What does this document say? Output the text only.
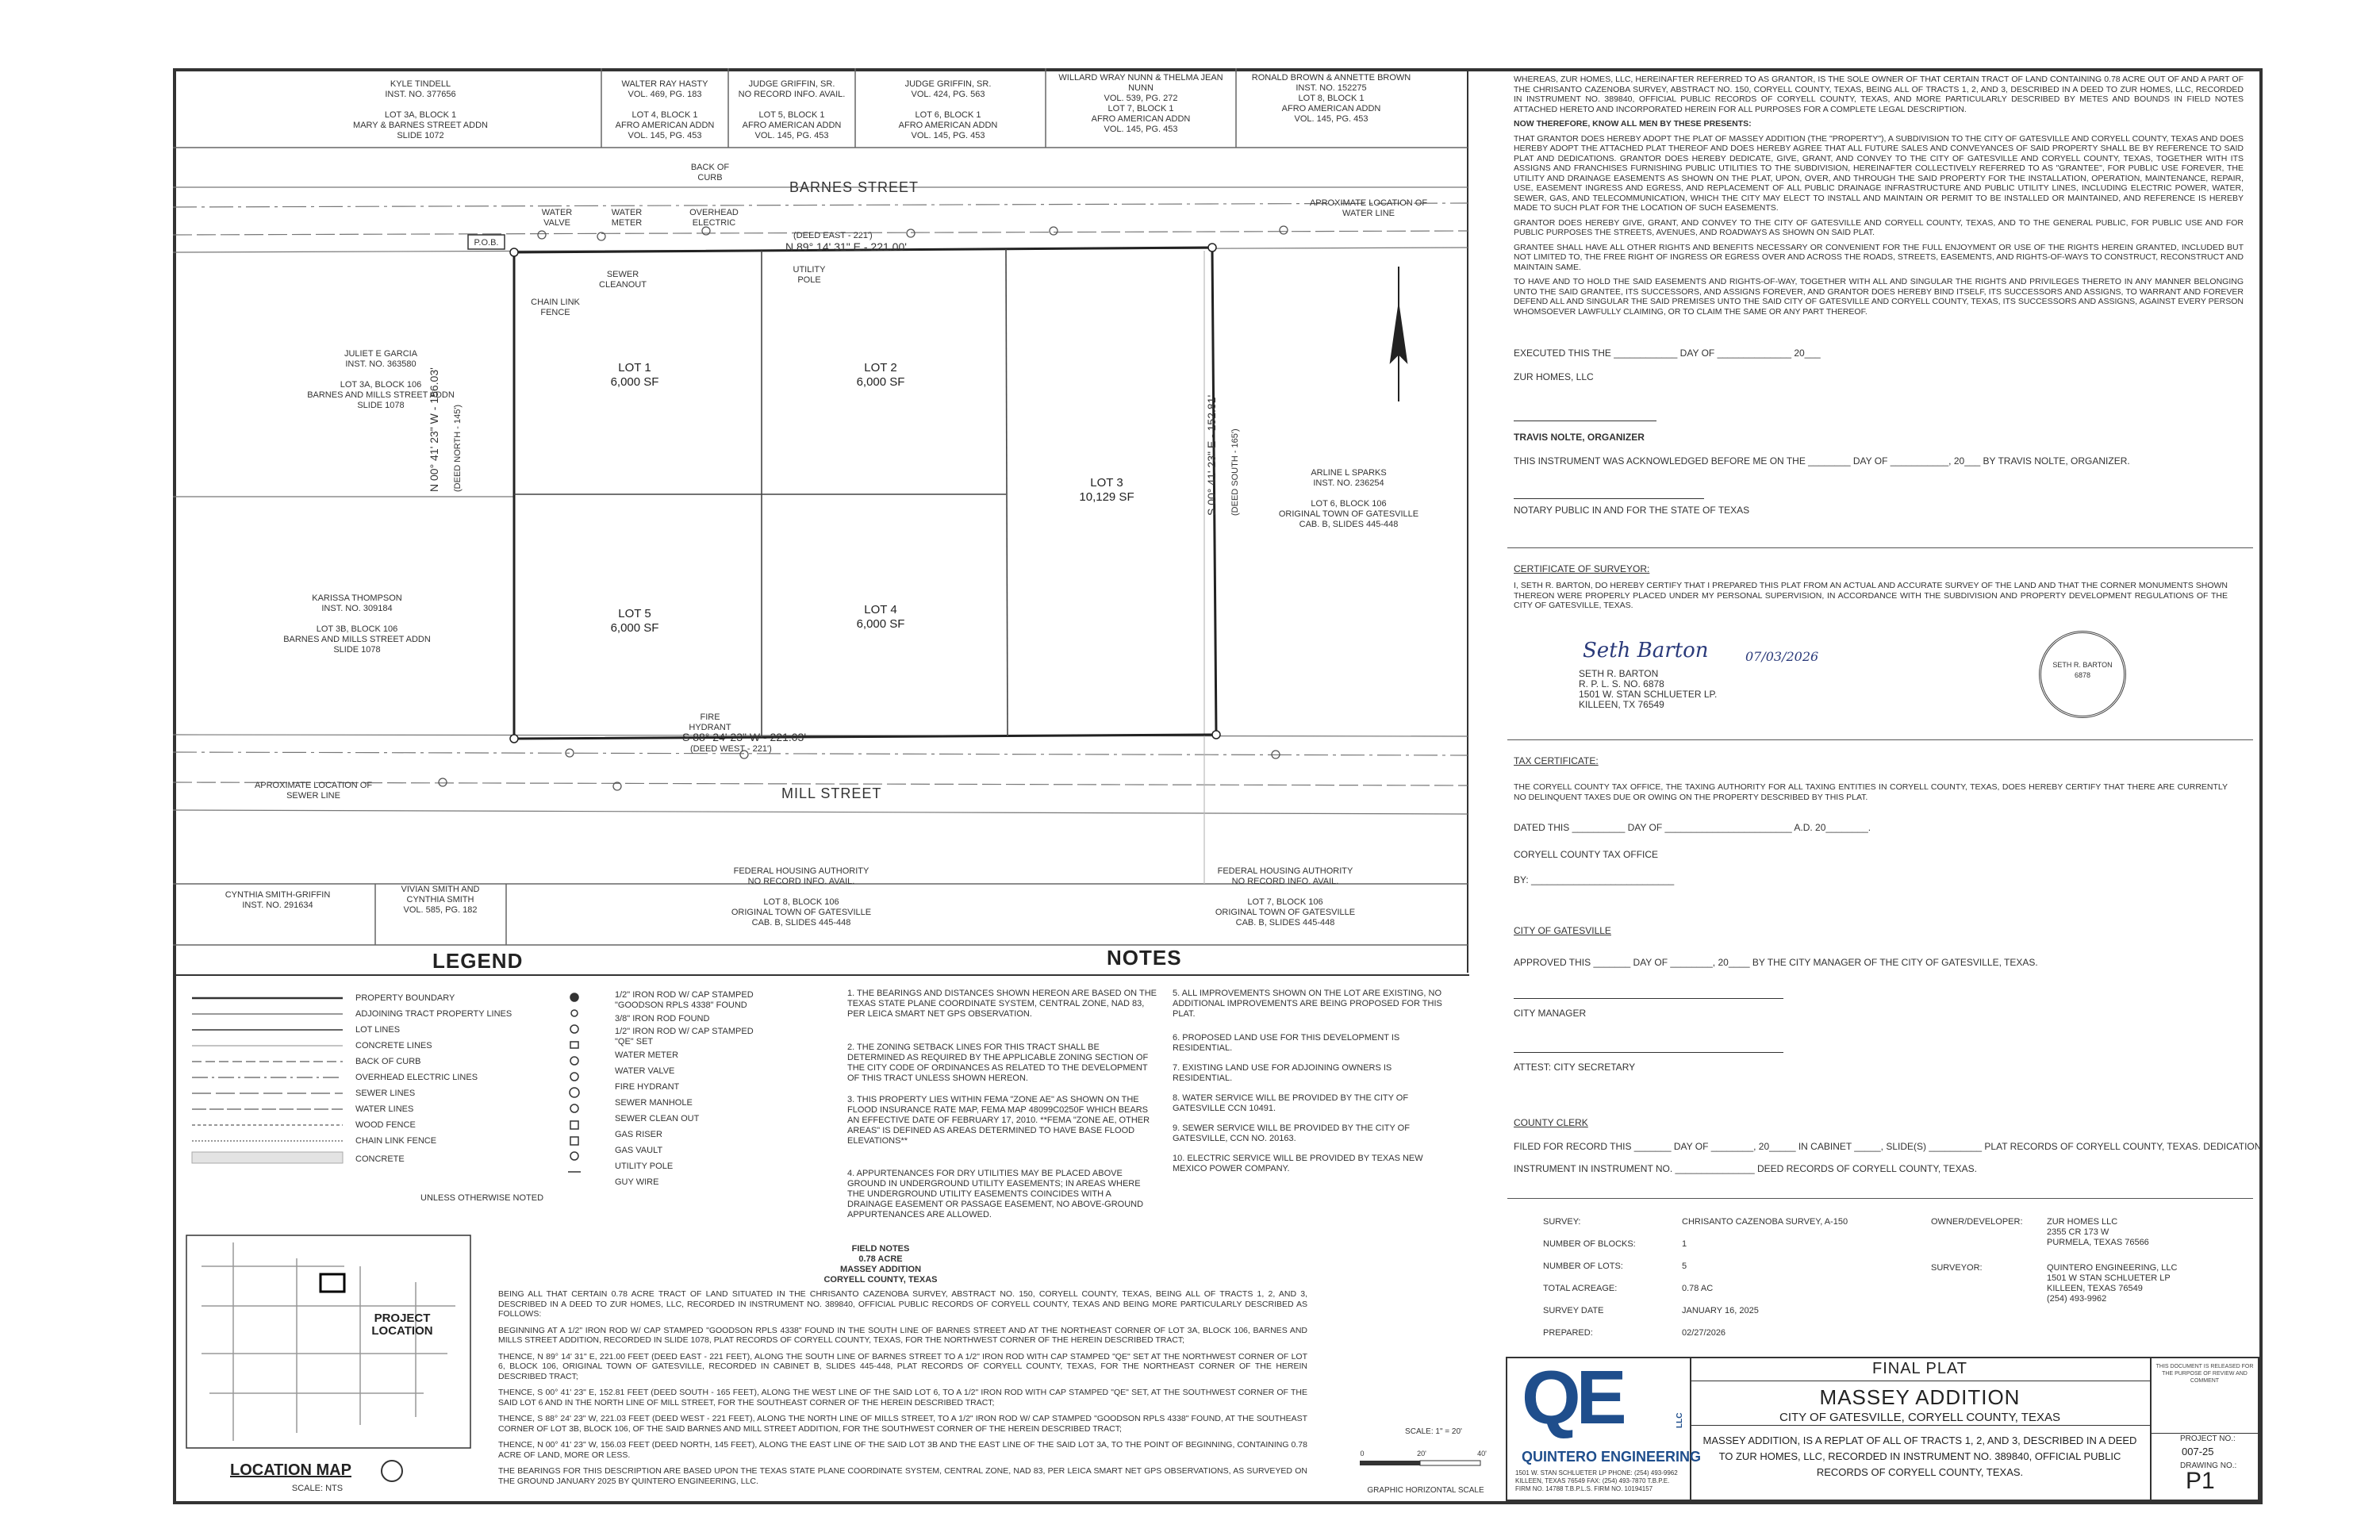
P.O.B.
KYLE TINDELL
INST. NO. 377656

LOT 3A, BLOCK 1
MARY & BARNES STREET ADDN
SLIDE 1072
WALTER RAY HASTY
VOL. 469, PG. 183

LOT 4, BLOCK 1
AFRO AMERICAN ADDN
VOL. 145, PG. 453
JUDGE GRIFFIN, SR.
NO RECORD INFO. AVAIL.

LOT 5, BLOCK 1
AFRO AMERICAN ADDN
VOL. 145, PG. 453
JUDGE GRIFFIN, SR.
VOL. 424, PG. 563

LOT 6, BLOCK 1
AFRO AMERICAN ADDN
VOL. 145, PG. 453
WILLARD WRAY NUNN & THELMA JEAN NUNN
VOL. 539, PG. 272
LOT 7, BLOCK 1
AFRO AMERICAN ADDN
VOL. 145, PG. 453
RONALD BROWN & ANNETTE BROWN
INST. NO. 152275
LOT 8, BLOCK 1
AFRO AMERICAN ADDN
VOL. 145, PG. 453
JULIET E GARCIA
INST. NO. 363580

LOT 3A, BLOCK 106
BARNES AND MILLS STREET ADDN
SLIDE 1078
KARISSA THOMPSON
INST. NO. 309184

LOT 3B, BLOCK 106
BARNES AND MILLS STREET ADDN
SLIDE 1078
ARLINE L SPARKS
INST. NO. 236254

LOT 6, BLOCK 106
ORIGINAL TOWN OF GATESVILLE
CAB. B, SLIDES 445-448
CYNTHIA SMITH-GRIFFIN
INST. NO. 291634
VIVIAN SMITH AND CYNTHIA SMITH
VOL. 585, PG. 182
FEDERAL HOUSING AUTHORITY
NO RECORD INFO. AVAIL.

LOT 8, BLOCK 106
ORIGINAL TOWN OF GATESVILLE
CAB. B, SLIDES 445-448
FEDERAL HOUSING AUTHORITY
NO RECORD INFO. AVAIL.

LOT 7, BLOCK 106
ORIGINAL TOWN OF GATESVILLE
CAB. B, SLIDES 445-448
BARNES STREET
MILL STREET
(DEED EAST - 221')
N 89° 14' 31" E - 221.00'
S 88° 24' 23" W - 221.03'
(DEED WEST - 221')
N 00° 41' 23" W - 156.03' (DEED NORTH - 145')	S 00° 41' 23" E - 152.81' (DEED SOUTH - 165')
WATER VALVE
WATER METER
OVERHEAD ELECTRIC
BACK OF CURB
SEWER CLEANOUT
UTILITY POLE
CHAIN LINK FENCE
FIRE HYDRANT
APROXIMATE LOCATION OF WATER LINE
APROXIMATE LOCATION OF SEWER LINE
LOT 1
6,000 SF
LOT 2
6,000 SF
LOT 3
10,129 SF
LOT 4
6,000 SF
LOT 5
6,000 SF
LEGEND	NOTES
PROPERTY BOUNDARY
ADJOINING TRACT PROPERTY LINES
LOT LINES
CONCRETE LINES
BACK OF CURB
OVERHEAD ELECTRIC LINES
SEWER LINES
WATER LINES
WOOD FENCE
CHAIN LINK FENCE
CONCRETE
1/2" IRON ROD W/ CAP STAMPED "GOODSON RPLS 4338" FOUND
3/8" IRON ROD FOUND
1/2" IRON ROD W/ CAP STAMPED "QE" SET
WATER METER
WATER VALVE
FIRE HYDRANT
SEWER MANHOLE
SEWER CLEAN OUT
GAS RISER
GAS VAULT
UTILITY POLE
GUY WIRE
UNLESS OTHERWISE NOTED
1. THE BEARINGS AND DISTANCES SHOWN HEREON ARE BASED ON THE TEXAS STATE PLANE COORDINATE SYSTEM, CENTRAL ZONE, NAD 83, PER LEICA SMART NET GPS OBSERVATION.
2. THE ZONING SETBACK LINES FOR THIS TRACT SHALL BE DETERMINED AS REQUIRED BY THE APPLICABLE ZONING SECTION OF THE CITY CODE OF ORDINANCES AS RELATED TO THE DEVELOPMENT OF THIS TRACT UNLESS SHOWN HEREON.
3. THIS PROPERTY LIES WITHIN FEMA "ZONE AE" AS SHOWN ON THE FLOOD INSURANCE RATE MAP, FEMA MAP 48099C0250F WHICH BEARS AN EFFECTIVE DATE OF FEBRUARY 17, 2010. **FEMA "ZONE AE, OTHER AREAS" IS DEFINED AS AREAS DETERMINED TO HAVE BASE FLOOD ELEVATIONS**
4. APPURTENANCES FOR DRY UTILITIES MAY BE PLACED ABOVE GROUND IN UNDERGROUND UTILITY EASEMENTS; IN AREAS WHERE THE UNDERGROUND UTILITY EASEMENTS COINCIDES WITH A DRAINAGE EASEMENT OR PASSAGE EASEMENT, NO ABOVE-GROUND APPURTENANCES ARE ALLOWED.
5. ALL IMPROVEMENTS SHOWN ON THE LOT ARE EXISTING, NO ADDITIONAL IMPROVEMENTS ARE BEING PROPOSED FOR THIS PLAT.
6. PROPOSED LAND USE FOR THIS DEVELOPMENT IS RESIDENTIAL.
7. EXISTING LAND USE FOR ADJOINING OWNERS IS RESIDENTIAL.
8. WATER SERVICE WILL BE PROVIDED BY THE CITY OF GATESVILLE CCN 10491.
9. SEWER SERVICE WILL BE PROVIDED BY THE CITY OF GATESVILLE, CCN NO. 20163.
10. ELECTRIC SERVICE WILL BE PROVIDED BY TEXAS NEW MEXICO POWER COMPANY.
FIELD NOTES
0.78 ACRE
MASSEY ADDITION
CORYELL COUNTY, TEXAS

BEING ALL THAT CERTAIN 0.78 ACRE TRACT OF LAND SITUATED IN THE CHRISANTO CAZENOBA SURVEY, ABSTRACT NO. 150, CORYELL COUNTY, TEXAS, BEING ALL OF TRACTS 1, 2, AND 3, DESCRIBED IN A DEED TO ZUR HOMES, LLC, RECORDED IN INSTRUMENT NO. 389840, OFFICIAL PUBLIC RECORDS OF CORYELL COUNTY, TEXAS AND BEING MORE PARTICULARLY DESCRIBED AS FOLLOWS:

BEGINNING AT A 1/2" IRON ROD W/ CAP STAMPED "GOODSON RPLS 4338" FOUND IN THE SOUTH LINE OF BARNES STREET AND AT THE NORTHEAST CORNER OF LOT 3A, BLOCK 106, BARNES AND MILLS STREET ADDITION, RECORDED IN SLIDE 1078, PLAT RECORDS OF CORYELL COUNTY, TEXAS, FOR THE NORTHWEST CORNER OF THE HEREIN DESCRIBED TRACT;

THENCE, N 89° 14' 31" E, 221.00 FEET (DEED EAST - 221 FEET), ALONG THE SOUTH LINE OF BARNES STREET TO A 1/2" IRON ROD WITH CAP STAMPED "QE" SET AT THE NORTHWEST CORNER OF LOT 6, BLOCK 106, ORIGINAL TOWN OF GATESVILLE, RECORDED IN CABINET B, SLIDES 445-448, PLAT RECORDS OF CORYELL COUNTY, TEXAS, FOR THE NORTHEAST CORNER OF THE HEREIN DESCRIBED TRACT;

THENCE, S 00° 41' 23" E, 152.81 FEET (DEED SOUTH - 165 FEET), ALONG THE WEST LINE OF THE SAID LOT 6, TO A 1/2" IRON ROD WITH CAP STAMPED "QE" SET, AT THE SOUTHWEST CORNER OF THE SAID LOT 6 AND IN THE NORTH LINE OF MILL STREET, FOR THE SOUTHEAST CORNER OF THE HEREIN DESCRIBED TRACT;

THENCE, S 88° 24' 23" W, 221.03 FEET (DEED WEST - 221 FEET), ALONG THE NORTH LINE OF MILLS STREET, TO A 1/2" IRON ROD W/ CAP STAMPED "GOODSON RPLS 4338" FOUND, AT THE SOUTHEAST CORNER OF LOT 3B, BLOCK 106, OF THE SAID BARNES AND MILL STREET ADDITION, FOR THE SOUTHWEST CORNER OF THE HEREIN DESCRIBED TRACT;

THENCE, N 00° 41' 23" W, 156.03 FEET (DEED NORTH, 145 FEET), ALONG THE EAST LINE OF THE SAID LOT 3B AND THE EAST LINE OF THE SAID LOT 3A, TO THE POINT OF BEGINNING, CONTAINING 0.78 ACRE OF LAND, MORE OR LESS.

THE BEARINGS FOR THIS DESCRIPTION ARE BASED UPON THE TEXAS STATE PLANE COORDINATE SYSTEM, CENTRAL ZONE, NAD 83, PER LEICA SMART NET GPS OBSERVATIONS, AS SURVEYED ON THE GROUND JANUARY 2025 BY QUINTERO ENGINEERING, LLC.

PROJECT LOCATION
LOCATION MAP
SCALE: NTS
SCALE: 1" = 20'
0	20'	40'
GRAPHIC HORIZONTAL SCALE

WHEREAS, ZUR HOMES, LLC, HEREINAFTER REFERRED TO AS GRANTOR, IS THE SOLE OWNER OF THAT CERTAIN TRACT OF LAND CONTAINING 0.78 ACRE OUT OF AND A PART OF THE CHRISANTO CAZENOBA SURVEY, ABSTRACT NO. 150, CORYELL COUNTY, TEXAS, BEING ALL OF TRACTS 1, 2, AND 3, DESCRIBED IN A DEED TO ZUR HOMES, LLC, RECORDED IN INSTRUMENT NO. 389840, OFFICIAL PUBLIC RECORDS OF CORYELL COUNTY, TEXAS, AND MORE PARTICULARLY DESCRIBED BY METES AND BOUNDS IN FIELD NOTES ATTACHED HERETO AND INCORPORATED HEREIN FOR ALL PURPOSES FOR A COMPLETE LEGAL DESCRIPTION.

NOW THEREFORE, KNOW ALL MEN BY THESE PRESENTS:

THAT GRANTOR DOES HEREBY ADOPT THE PLAT OF MASSEY ADDITION (THE "PROPERTY"), A SUBDIVISION TO THE CITY OF GATESVILLE AND CORYELL COUNTY, TEXAS AND DOES HEREBY ADOPT THE ATTACHED PLAT THEREOF AND DOES HEREBY AGREE THAT ALL FUTURE SALES AND CONVEYANCES OF SAID PROPERTY SHALL BE BY REFERENCE TO SAID PLAT AND DEDICATIONS. GRANTOR DOES HEREBY DEDICATE, GIVE, GRANT, AND CONVEY TO THE CITY OF GATESVILLE AND CORYELL COUNTY, TEXAS, TOGETHER WITH ITS ASSIGNS AND FRANCHISES FURNISHING PUBLIC UTILITIES TO THE SUBDIVISION, HEREINAFTER COLLECTIVELY REFERRED TO AS "GRANTEE", FOR PUBLIC USE FOREVER, THE UTILITY AND DRAINAGE EASEMENTS AS SHOWN ON THE PLAT, UPON, OVER, AND THROUGH THE SAID PROPERTY FOR THE INSTALLATION, OPERATION, MAINTENANCE, REPAIR, USE, EASEMENT INGRESS AND EGRESS, AND REPLACEMENT OF ALL PUBLIC DRAINAGE INFRASTRUCTURE AND PUBLIC UTILITY LINES, INCLUDING ELECTRIC POWER, WATER, SEWER, GAS, AND TELECOMMUNICATION, WHICH THE CITY MAY ELECT TO INSTALL AND MAINTAIN OR PERMIT TO BE INSTALLED OR MAINTAINED, AND REFERENCE IS HEREBY MADE TO SUCH PLAT FOR THE LOCATION OF SUCH EASEMENTS.

GRANTOR DOES HEREBY GIVE, GRANT, AND CONVEY TO THE CITY OF GATESVILLE AND CORYELL COUNTY, TEXAS, AND TO THE GENERAL PUBLIC, FOR PUBLIC USE AND FOR PUBLIC PURPOSES THE STREETS, AVENUES, AND ROADWAYS AS SHOWN ON SAID PLAT.

GRANTEE SHALL HAVE ALL OTHER RIGHTS AND BENEFITS NECESSARY OR CONVENIENT FOR THE FULL ENJOYMENT OR USE OF THE RIGHTS HEREIN GRANTED, INCLUDED BUT NOT LIMITED TO, THE FREE RIGHT OF INGRESS OR EGRESS OVER AND ACROSS THE ROADS, STREETS, EASEMENTS, AND RIGHTS-OF-WAYS TO CONSTRUCT, RECONSTRUCT AND MAINTAIN SAME.

TO HAVE AND TO HOLD THE SAID EASEMENTS AND RIGHTS-OF-WAY, TOGETHER WITH ALL AND SINGULAR THE RIGHTS AND PRIVILEGES THERETO IN ANY MANNER BELONGING UNTO THE SAID GRANTEE, ITS SUCCESSORS, AND ASSIGNS FOREVER, AND GRANTOR DOES HEREBY BIND ITSELF, ITS SUCCESSORS AND ASSIGNS, TO WARRANT AND FOREVER DEFEND ALL AND SINGULAR THE SAID PREMISES UNTO THE SAID CITY OF GATESVILLE AND CORYELL COUNTY, TEXAS, ITS SUCCESSORS AND ASSIGNS, AGAINST EVERY PERSON WHOMSOEVER LAWFULLY CLAIMING, OR TO CLAIM THE SAME OR ANY PART THEREOF.

EXECUTED THIS THE ____________ DAY OF ______________ 20___
ZUR HOMES, LLC
TRAVIS NOLTE, ORGANIZER
THIS INSTRUMENT WAS ACKNOWLEDGED BEFORE ME ON THE ________ DAY OF ___________, 20___ BY TRAVIS NOLTE, ORGANIZER.
NOTARY PUBLIC IN AND FOR THE STATE OF TEXAS
CERTIFICATE OF SURVEYOR:
I, SETH R. BARTON, DO HEREBY CERTIFY THAT I PREPARED THIS PLAT FROM AN ACTUAL AND ACCURATE SURVEY OF THE LAND AND THAT THE CORNER MONUMENTS SHOWN THEREON WERE PROPERLY PLACED UNDER MY PERSONAL SUPERVISION, IN ACCORDANCE WITH THE SUBDIVISION AND PROPERTY DEVELOPMENT REGULATIONS OF THE CITY OF GATESVILLE, TEXAS.
Seth Barton	07/03/2026
SETH R. BARTON
R. P. L. S. NO. 6878
1501 W. STAN SCHLUETER LP.
KILLEEN, TX 76549
SETH R. BARTON
6878
TAX CERTIFICATE:
THE CORYELL COUNTY TAX OFFICE, THE TAXING AUTHORITY FOR ALL TAXING ENTITIES IN CORYELL COUNTY, TEXAS, DOES HEREBY CERTIFY THAT THERE ARE CURRENTLY NO DELINQUENT TAXES DUE OR OWING ON THE PROPERTY DESCRIBED BY THIS PLAT.
DATED THIS __________ DAY OF ________________________ A.D. 20________.
CORYELL COUNTY TAX OFFICE
BY: ___________________________
CITY OF GATESVILLE
APPROVED THIS _______ DAY OF ________, 20____ BY THE CITY MANAGER OF THE CITY OF GATESVILLE, TEXAS.
CITY MANAGER
ATTEST: CITY SECRETARY
COUNTY CLERK
FILED FOR RECORD THIS _______ DAY OF ________, 20_____ IN CABINET _____, SLIDE(S) __________ PLAT RECORDS OF CORYELL COUNTY, TEXAS. DEDICATION
INSTRUMENT IN INSTRUMENT NO. _______________ DEED RECORDS OF CORYELL COUNTY, TEXAS.
SURVEY:	CHRISANTO CAZENOBA SURVEY, A-150
NUMBER OF BLOCKS:	1
NUMBER OF LOTS:	5
TOTAL ACREAGE:	0.78 AC
SURVEY DATE	JANUARY 16, 2025
PREPARED:	02/27/2026
OWNER/DEVELOPER:	ZUR HOMES LLC
2355 CR 173 W
PURMELA, TEXAS 76566
SURVEYOR:	QUINTERO ENGINEERING, LLC
1501 W STAN SCHLUETER LP
KILLEEN, TEXAS 76549
(254) 493-9962
QE
QUINTERO ENGINEERING
LLC
1501 W. STAN SCHLUETER LP PHONE: (254) 493-9962 KILLEEN, TEXAS 76549 FAX: (254) 493-7870 T.B.P.E. FIRM NO. 14788 T.B.P.L.S. FIRM NO. 10194157
FINAL PLAT
MASSEY ADDITION
CITY OF GATESVILLE, CORYELL COUNTY, TEXAS
MASSEY ADDITION, IS A REPLAT OF ALL OF TRACTS 1, 2, AND 3, DESCRIBED IN A DEED TO ZUR HOMES, LLC, RECORDED IN INSTRUMENT NO. 389840, OFFICIAL PUBLIC RECORDS OF CORYELL COUNTY, TEXAS.
THIS DOCUMENT IS RELEASED FOR THE PURPOSE OF REVIEW AND COMMENT
PROJECT NO.:
007-25
DRAWING NO.:
P1
